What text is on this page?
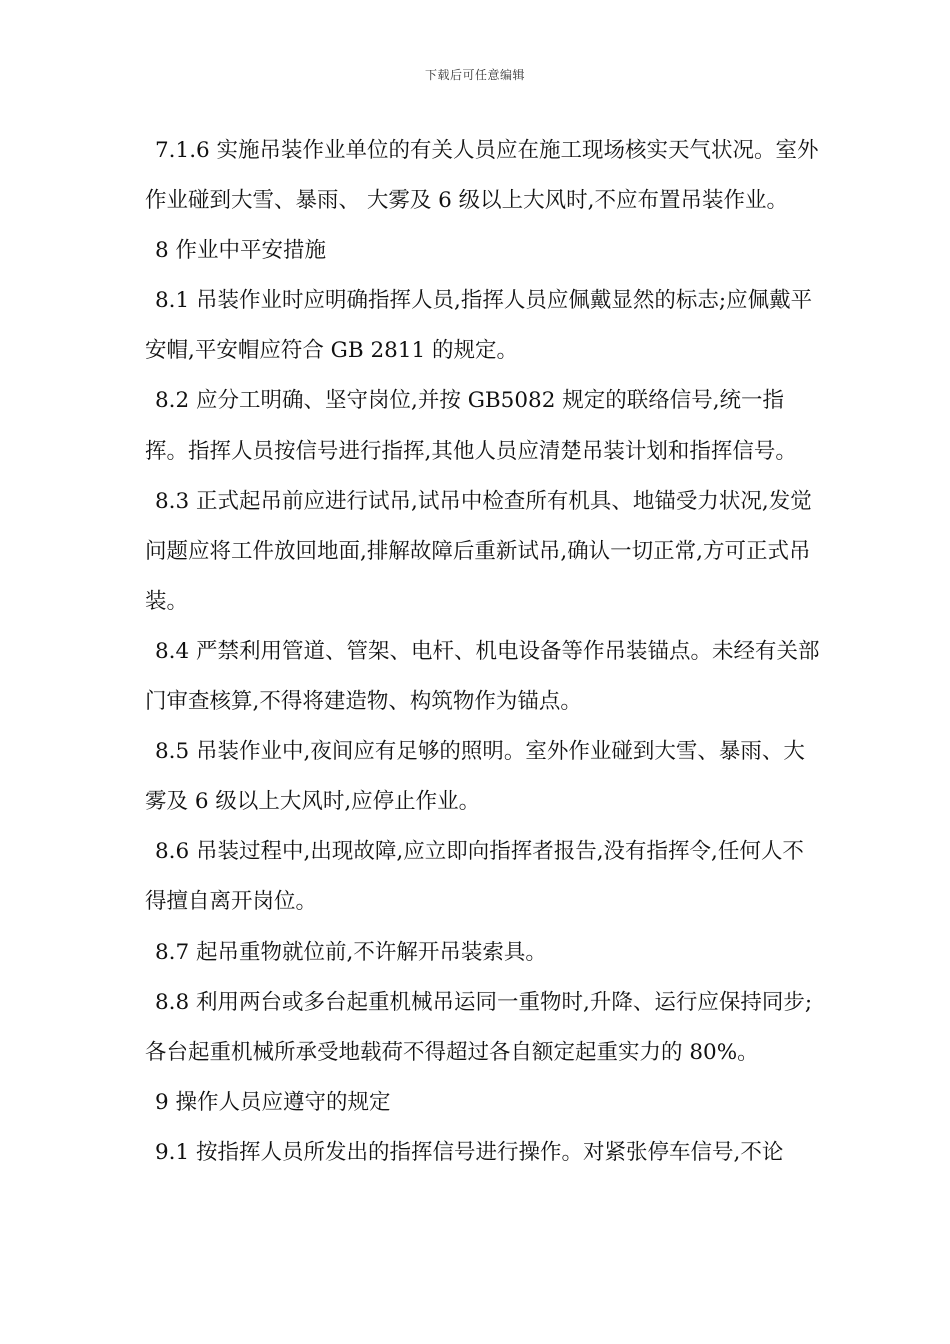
下载后可任意编辑

7.1.6 实施吊装作业单位的有关人员应在施工现场核实天气状况。室外作业碰到大雪、暴雨、 大雾及 6 级以上大风时,不应布置吊装作业。

8 作业中平安措施

8.1 吊装作业时应明确指挥人员,指挥人员应佩戴显然的标志;应佩戴平安帽,平安帽应符合 GB 2811 的规定。

8.2 应分工明确、坚守岗位,并按 GB5082 规定的联络信号,统一指挥。指挥人员按信号进行指挥,其他人员应清楚吊装计划和指挥信号。

8.3 正式起吊前应进行试吊,试吊中检查所有机具、地锚受力状况,发觉问题应将工件放回地面,排解故障后重新试吊,确认一切正常,方可正式吊装。

8.4 严禁利用管道、管架、电杆、机电设备等作吊装锚点。未经有关部门审查核算,不得将建造物、构筑物作为锚点。

8.5 吊装作业中,夜间应有足够的照明。室外作业碰到大雪、暴雨、大雾及 6 级以上大风时,应停止作业。

8.6 吊装过程中,出现故障,应立即向指挥者报告,没有指挥令,任何人不得擅自离开岗位。

8.7 起吊重物就位前,不许解开吊装索具。

8.8 利用两台或多台起重机械吊运同一重物时,升降、运行应保持同步;各台起重机械所承受地载荷不得超过各自额定起重实力的 80%。

9 操作人员应遵守的规定

9.1 按指挥人员所发出的指挥信号进行操作。对紧张停车信号,不论
